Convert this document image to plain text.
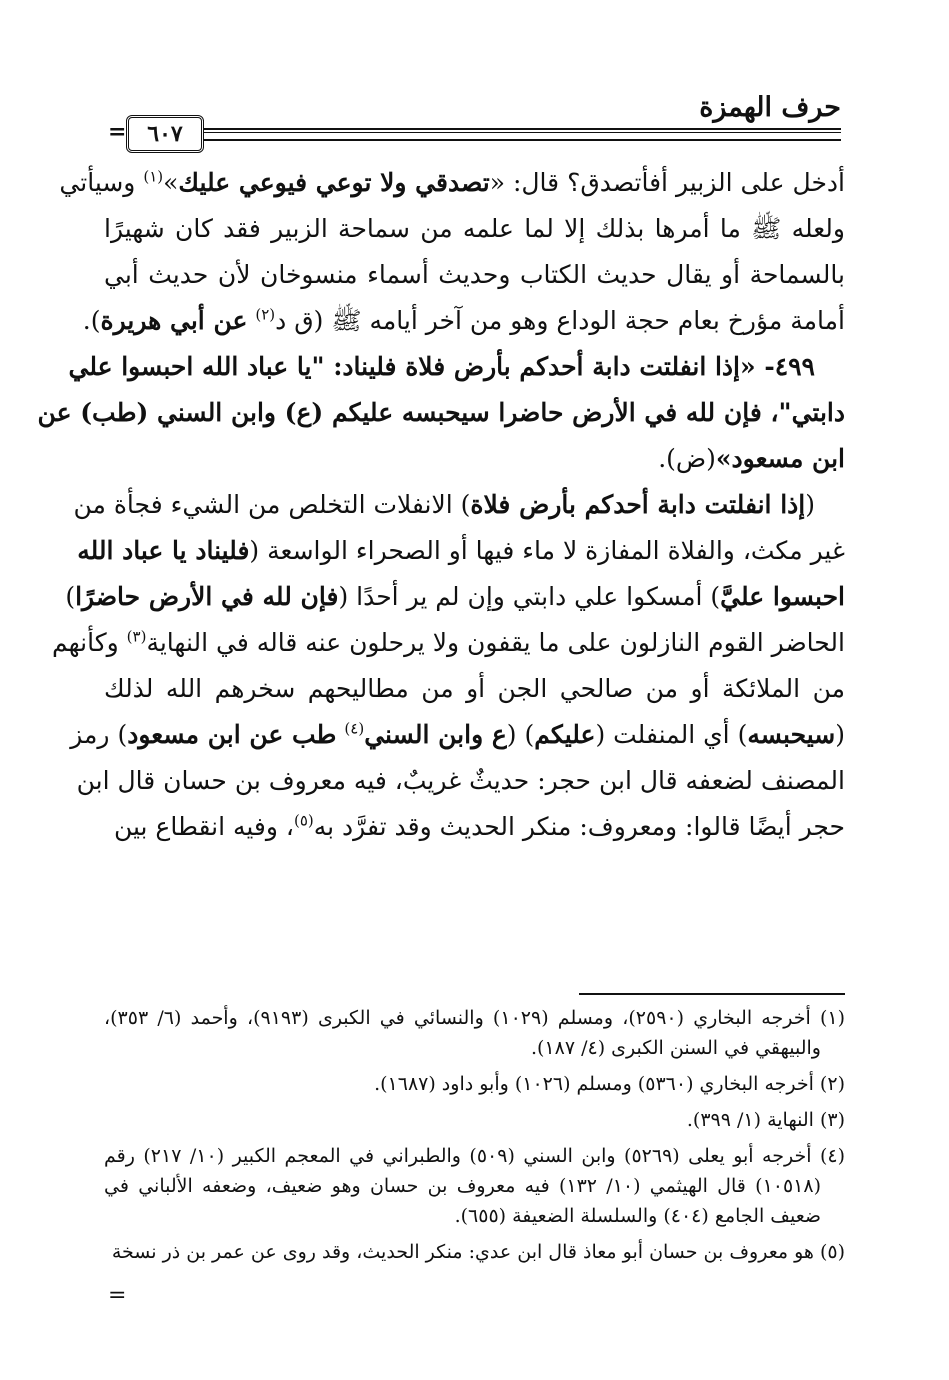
حرف الهمزة
٦٠٧
=
أدخل على الزبير أفأتصدق؟ قال: «تصدقي ولا توعي فيوعي عليك»$^{(١)}$ وسيأتي
ولعله ﷺ ما أمرها بذلك إلا لما علمه من سماحة الزبير فقد كان شهيرًا
بالسماحة أو يقال حديث الكتاب وحديث أسماء منسوخان لأن حديث أبي
أمامة مؤرخ بعام حجة الوداع وهو من آخر أيامه ﷺ (ق د$^{(٢)}$ عن أبي هريرة).
٤٩٩- «إذا انفلتت دابة أحدكم بأرض فلاة فليناد: "يا عباد الله احبسوا علي
دابتي"، فإن لله في الأرض حاضرا سيحبسه عليكم (ع) وابن السني (طب) عن
ابن مسعود»(ض).
(إذا انفلتت دابة أحدكم بأرض فلاة) الانفلات التخلص من الشيء فجأة من
غير مكث، والفلاة المفازة لا ماء فيها أو الصحراء الواسعة (فليناد يا عباد الله
احبسوا عليَّ) أمسكوا علي دابتي وإن لم ير أحدًا (فإن لله في الأرض حاضرًا)
الحاضر القوم النازلون على ما يقفون ولا يرحلون عنه قاله في النهاية$^{(٣)}$ وكأنهم
من الملائكة أو من صالحي الجن أو من مطاليحهم سخرهم الله لذلك
(سيحبسه) أي المنفلت (عليكم) (ع وابن السني$^{(٤)}$ طب عن ابن مسعود) رمز
المصنف لضعفه قال ابن حجر: حديثٌ غريبٌ، فيه معروف بن حسان قال ابن
حجر أيضًا قالوا: ومعروف: منكر الحديث وقد تفرَّد به$^{(٥)}$، وفيه انقطاع بين
(١) أخرجه البخاري (٢٥٩٠)، ومسلم (١٠٢٩) والنسائي في الكبرى (٩١٩٣)، وأحمد (٦/ ٣٥٣)،
والبيهقي في السنن الكبرى (٤/ ١٨٧).
(٢) أخرجه البخاري (٥٣٦٠) ومسلم (١٠٢٦) وأبو داود (١٦٨٧).
(٣) النهاية (١/ ٣٩٩).
(٤) أخرجه أبو يعلى (٥٢٦٩) وابن السني (٥٠٩) والطبراني في المعجم الكبير (١٠/ ٢١٧) رقم
(١٠٥١٨) قال الهيثمي (١٠/ ١٣٢) فيه معروف بن حسان وهو ضعيف، وضعفه الألباني في
ضعيف الجامع (٤٠٤) والسلسلة الضعيفة (٦٥٥).
(٥) هو معروف بن حسان أبو معاذ قال ابن عدي: منكر الحديث، وقد روى عن عمر بن ذر نسخة
=
